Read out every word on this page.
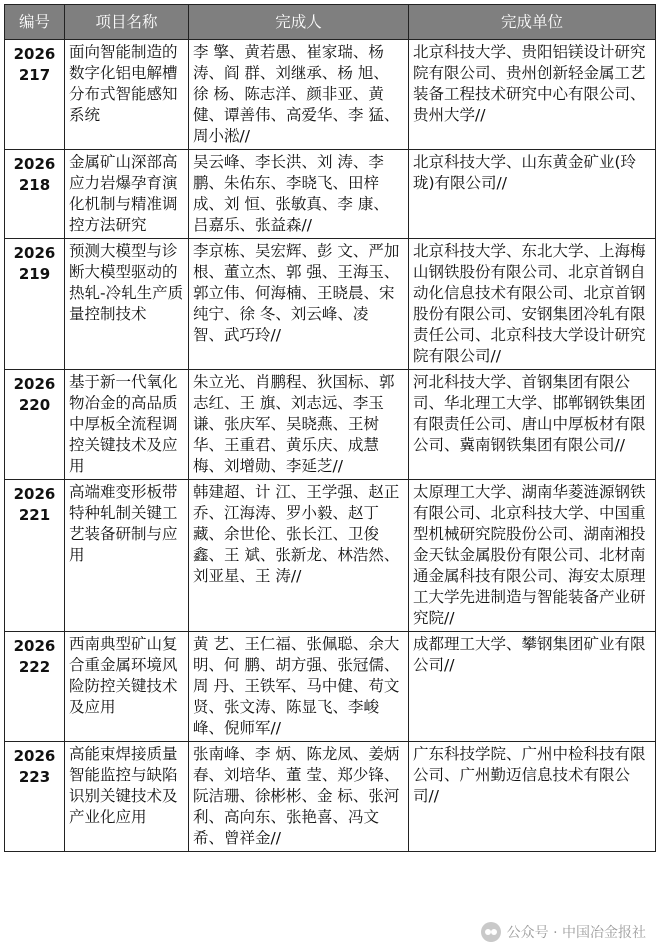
编号	项目名称	完成人	完成单位
2026217	面向智能制造的数字化铝电解槽分布式智能感知系统	李 擎、黄若愚、崔家瑞、杨 涛、阎 群、刘继承、杨 旭、徐 杨、陈志洋、颜非亚、黄 健、谭善伟、高爱华、李 猛、周小淞//	北京科技大学、贵阳铝镁设计研究院有限公司、贵州创新轻金属工艺装备工程技术研究中心有限公司、贵州大学//
2026218	金属矿山深部高应力岩爆孕育演化机制与精准调控方法研究	吴云峰、李长洪、刘 涛、李 鹏、朱佑东、李晓飞、田梓成、刘 恒、张敏真、李 康、吕嘉乐、张益森//	北京科技大学、山东黄金矿业(玲珑)有限公司//
2026219	预测大模型与诊断大模型驱动的热轧-冷轧生产质量控制技术	李京栋、吴宏辉、彭 文、严加根、董立杰、郭 强、王海玉、郭立伟、何海楠、王晓晨、宋纯宁、徐 冬、刘云峰、凌 智、武巧玲//	北京科技大学、东北大学、上海梅山钢铁股份有限公司、北京首钢自动化信息技术有限公司、北京首钢股份有限公司、安钢集团冷轧有限责任公司、北京科技大学设计研究院有限公司//
2026220	基于新一代氧化物冶金的高品质中厚板全流程调控关键技术及应用	朱立光、肖鹏程、狄国标、郭志红、王 旗、刘志远、李玉谦、张庆军、吴晓燕、王树华、王重君、黄乐庆、成慧梅、刘增勋、李延芝//	河北科技大学、首钢集团有限公司、华北理工大学、邯郸钢铁集团有限责任公司、唐山中厚板材有限公司、冀南钢铁集团有限公司//
2026221	高端难变形板带特种轧制关键工艺装备研制与应用	韩建超、计 江、王学强、赵正乔、江海涛、罗小毅、赵丁藏、余世伦、张长江、卫俊鑫、王 斌、张新龙、林浩然、刘亚星、王 涛//	太原理工大学、湖南华菱涟源钢铁有限公司、北京科技大学、中国重型机械研究院股份公司、湖南湘投金天钛金属股份有限公司、北材南通金属科技有限公司、海安太原理工大学先进制造与智能装备产业研究院//
2026222	西南典型矿山复合重金属环境风险防控关键技术及应用	黄 艺、王仁福、张佩聪、余大明、何 鹏、胡方强、张冠儒、周 丹、王铁军、马中健、苟文贤、张文涛、陈显飞、李峻峰、倪师军//	成都理工大学、攀钢集团矿业有限公司//
2026223	高能束焊接质量智能监控与缺陷识别关键技术及产业化应用	张南峰、李 炳、陈龙凤、姜炳春、刘培华、董 莹、郑少锋、阮洁珊、徐彬彬、金 标、张河利、高向东、张艳喜、冯文希、曾祥金//	广东科技学院、广州中检科技有限公司、广州勤迈信息技术有限公司//
公众号 · 中国冶金报社
